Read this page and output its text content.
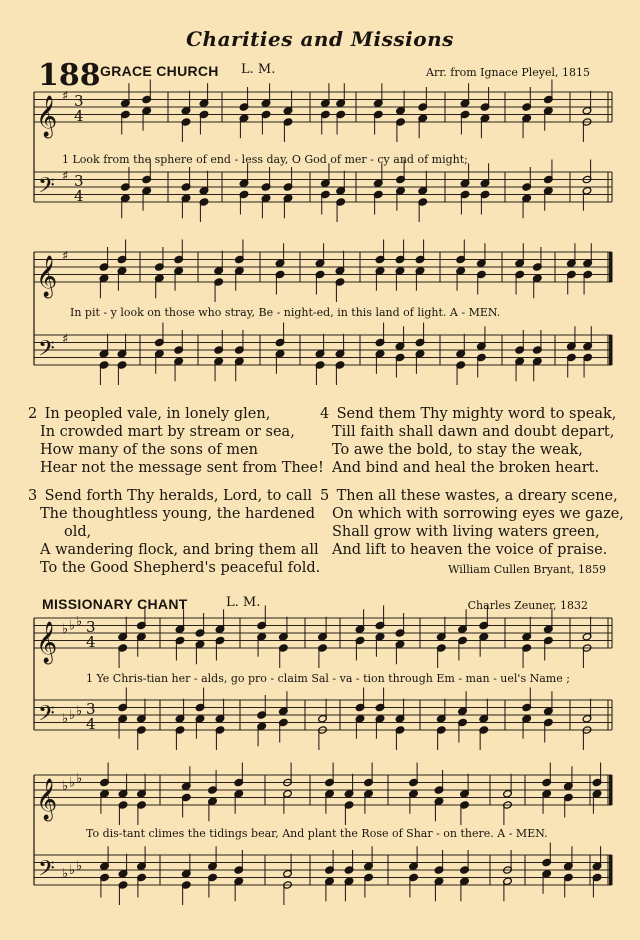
Charities and Missions
188 GRACE CHURCH L. M.	Arr. from Ignace Pleyel, 1815
𝄞 ♯ 3
4
𝄢 ♯ 3
4
𝄞 ♯
𝄢 ♯
𝄞 ♭ ♭ ♭ 3
4
𝄢 ♭ ♭ ♭ 3
4
𝄞 ♭ ♭ ♭
𝄢 ♭ ♭ ♭
1 Look from the sphere of end - less day, O God of mer - cy and of might;
In pit - y look on those who stray, Be - night-ed, in this land of light. A - MEN.
2 In peopled vale, in lonely glen,
In crowded mart by stream or sea,
How many of the sons of men
Hear not the message sent from Thee!
3 Send forth Thy heralds, Lord, to call
The thoughtless young, the hardened
old,
A wandering flock, and bring them all
To the Good Shepherd's peaceful fold.
4 Send them Thy mighty word to speak,
Till faith shall dawn and doubt depart,
To awe the bold, to stay the weak,
And bind and heal the broken heart.
5 Then all these wastes, a dreary scene,
On which with sorrowing eyes we gaze,
Shall grow with living waters green,
And lift to heaven the voice of praise.
William Cullen Bryant, 1859
MISSIONARY CHANT	L. M.	Charles Zeuner, 1832
1 Ye Chris-tian her - alds, go pro - claim Sal - va - tion through Em - man - uel's Name ;
To dis-tant climes the tidings bear, And plant the Rose of Shar - on there. A - MEN.
